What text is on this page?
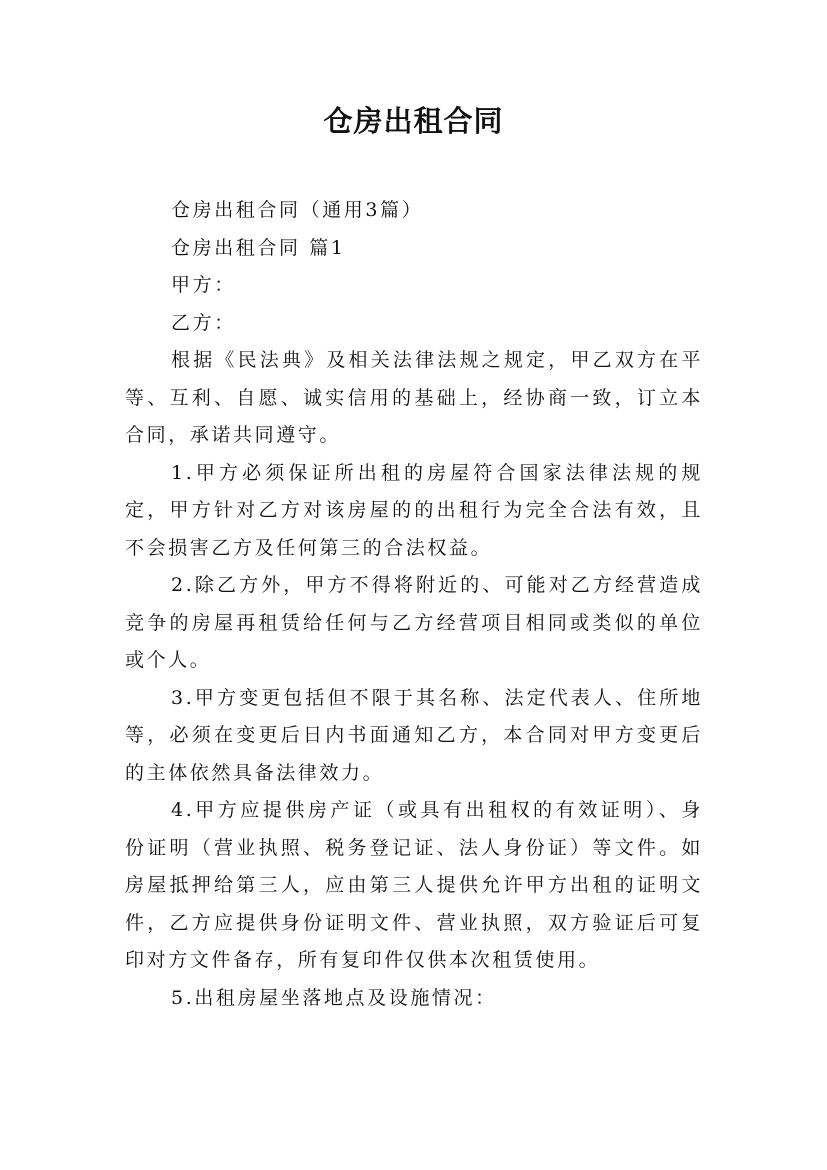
仓房出租合同

仓房出租合同（通用3篇）

仓房出租合同 篇1

甲方：

乙方：

根据《民法典》及相关法律法规之规定，甲乙双方在平等、互利、自愿、诚实信用的基础上，经协商一致，订立本合同，承诺共同遵守。

1.甲方必须保证所出租的房屋符合国家法律法规的规定，甲方针对乙方对该房屋的的出租行为完全合法有效，且不会损害乙方及任何第三的合法权益。

2.除乙方外，甲方不得将附近的、可能对乙方经营造成竞争的房屋再租赁给任何与乙方经营项目相同或类似的单位或个人。

3.甲方变更包括但不限于其名称、法定代表人、住所地等，必须在变更后日内书面通知乙方，本合同对甲方变更后的主体依然具备法律效力。

4.甲方应提供房产证（或具有出租权的有效证明）、身份证明（营业执照、税务登记证、法人身份证）等文件。如房屋抵押给第三人，应由第三人提供允许甲方出租的证明文件，乙方应提供身份证明文件、营业执照，双方验证后可复印对方文件备存，所有复印件仅供本次租赁使用。

5.出租房屋坐落地点及设施情况：
